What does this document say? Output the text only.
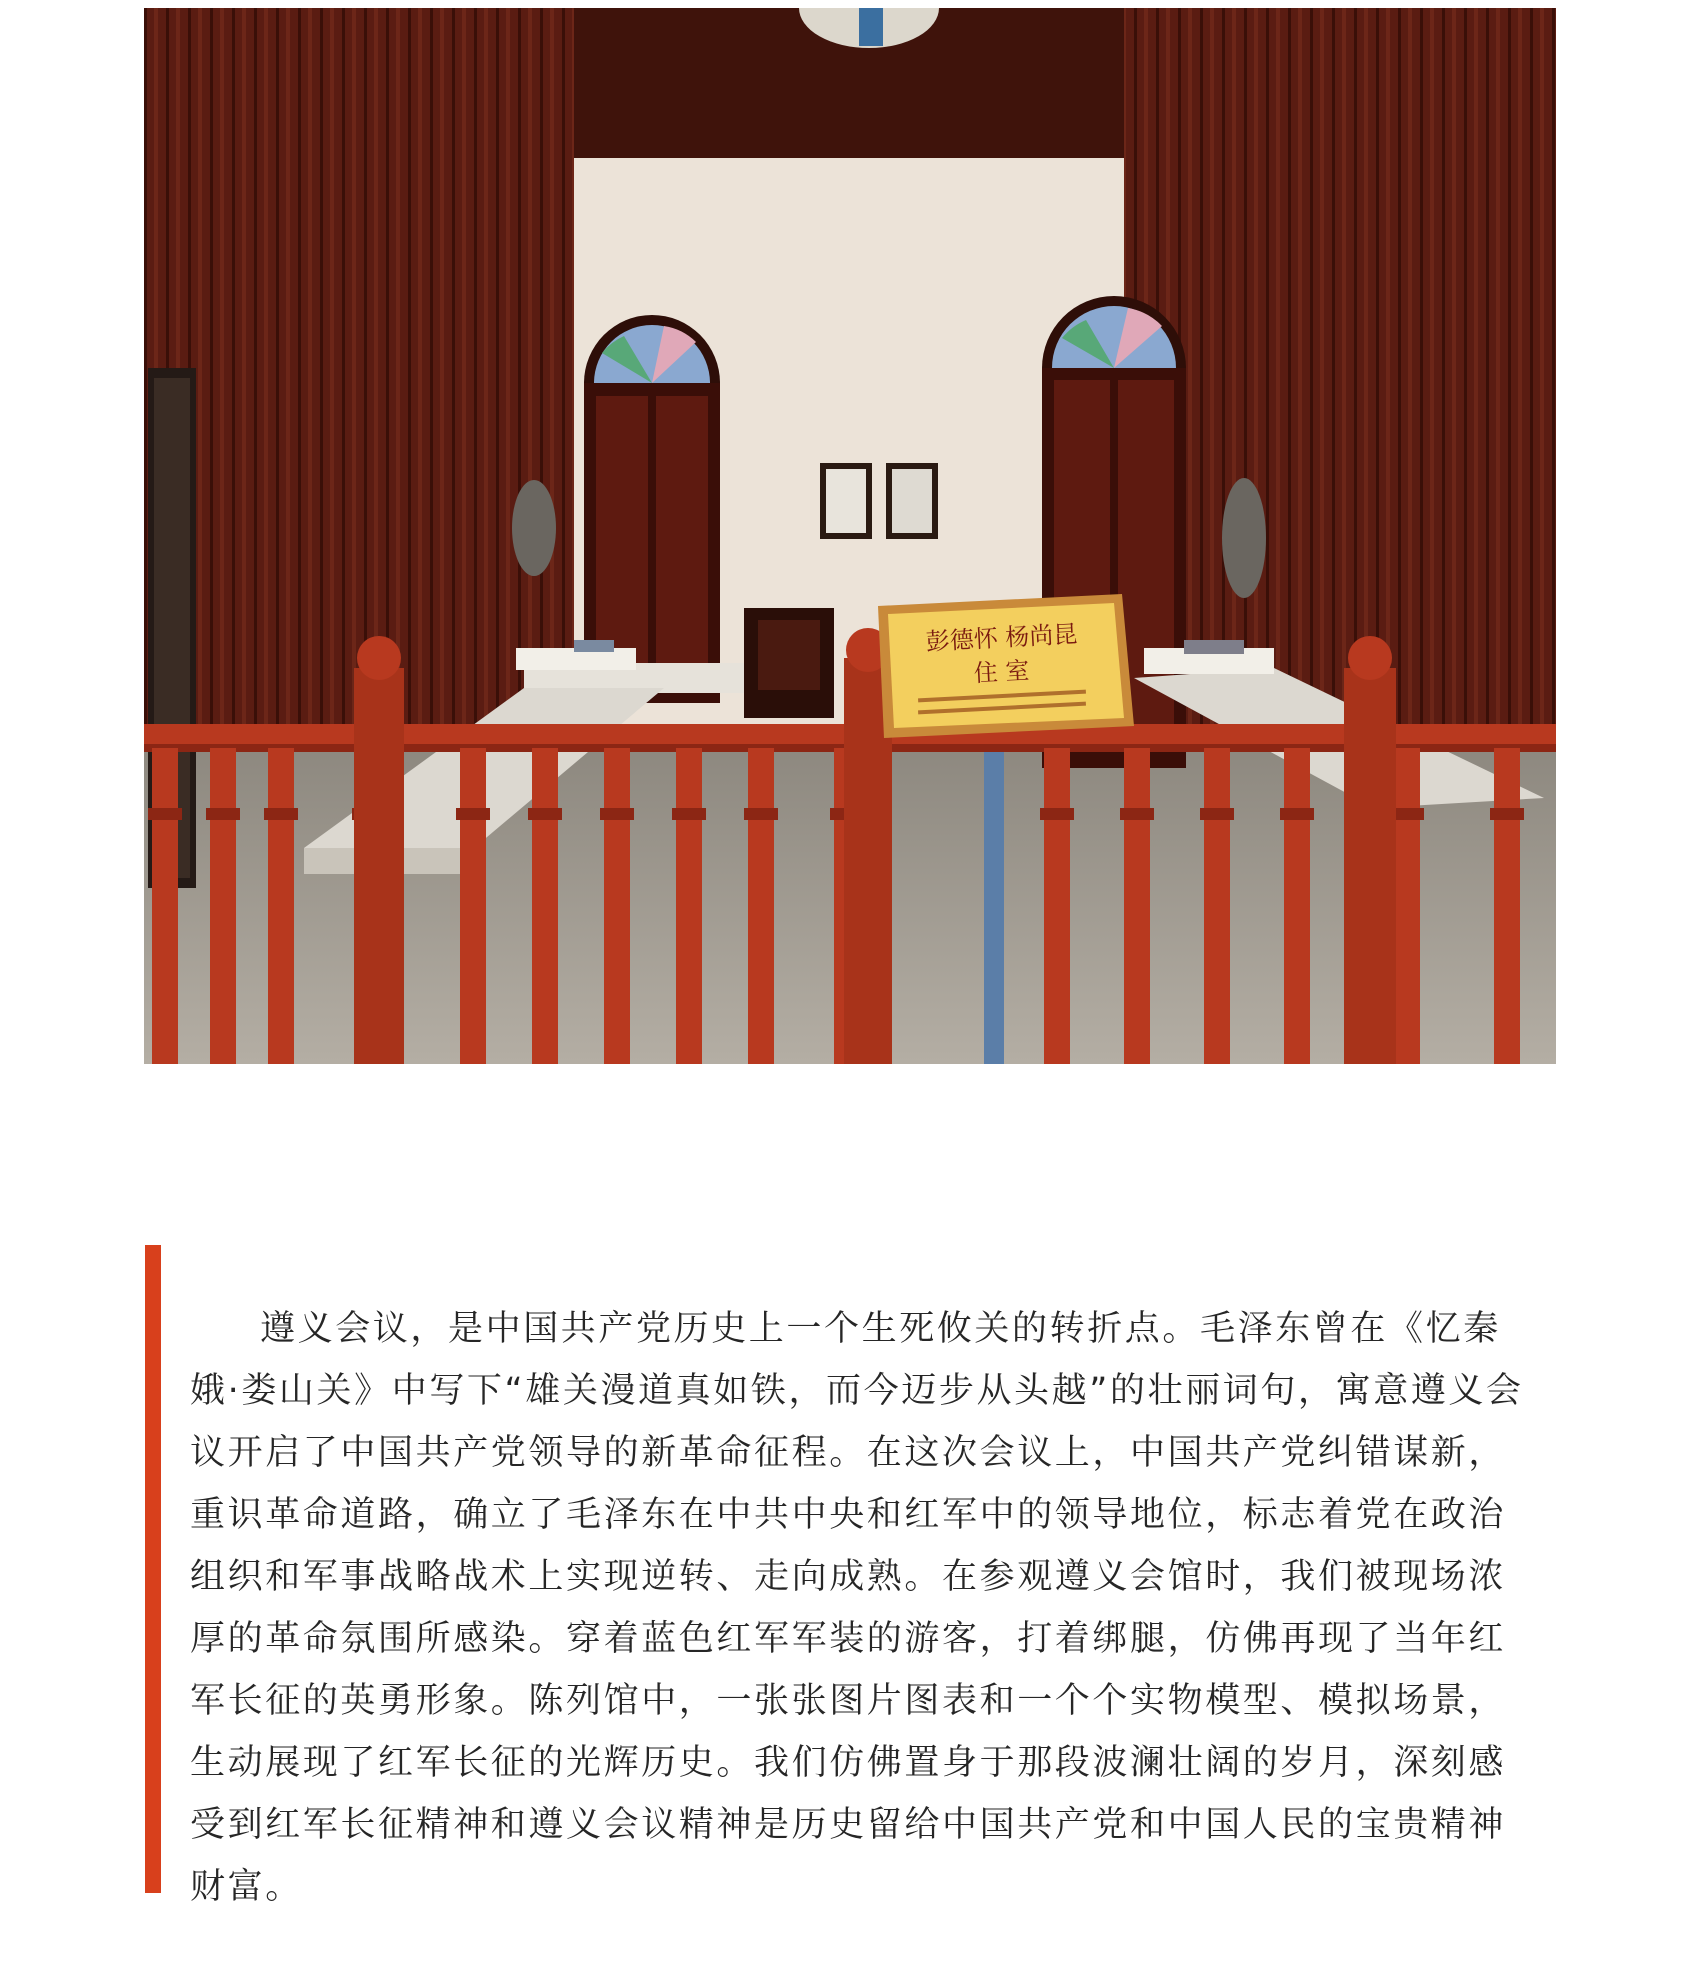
彭德怀 杨尚昆
住 室

遵义会议，是中国共产党历史上一个生死攸关的转折点。毛泽东曾在《忆秦娥·娄山关》中写下“雄关漫道真如铁，而今迈步从头越”的壮丽词句，寓意遵义会议开启了中国共产党领导的新革命征程。在这次会议上，中国共产党纠错谋新，重识革命道路，确立了毛泽东在中共中央和红军中的领导地位，标志着党在政治组织和军事战略战术上实现逆转、走向成熟。在参观遵义会馆时，我们被现场浓厚的革命氛围所感染。穿着蓝色红军军装的游客，打着绑腿，仿佛再现了当年红军长征的英勇形象。陈列馆中，一张张图片图表和一个个实物模型、模拟场景，生动展现了红军长征的光辉历史。我们仿佛置身于那段波澜壮阔的岁月，深刻感受到红军长征精神和遵义会议精神是历史留给中国共产党和中国人民的宝贵精神财富。
